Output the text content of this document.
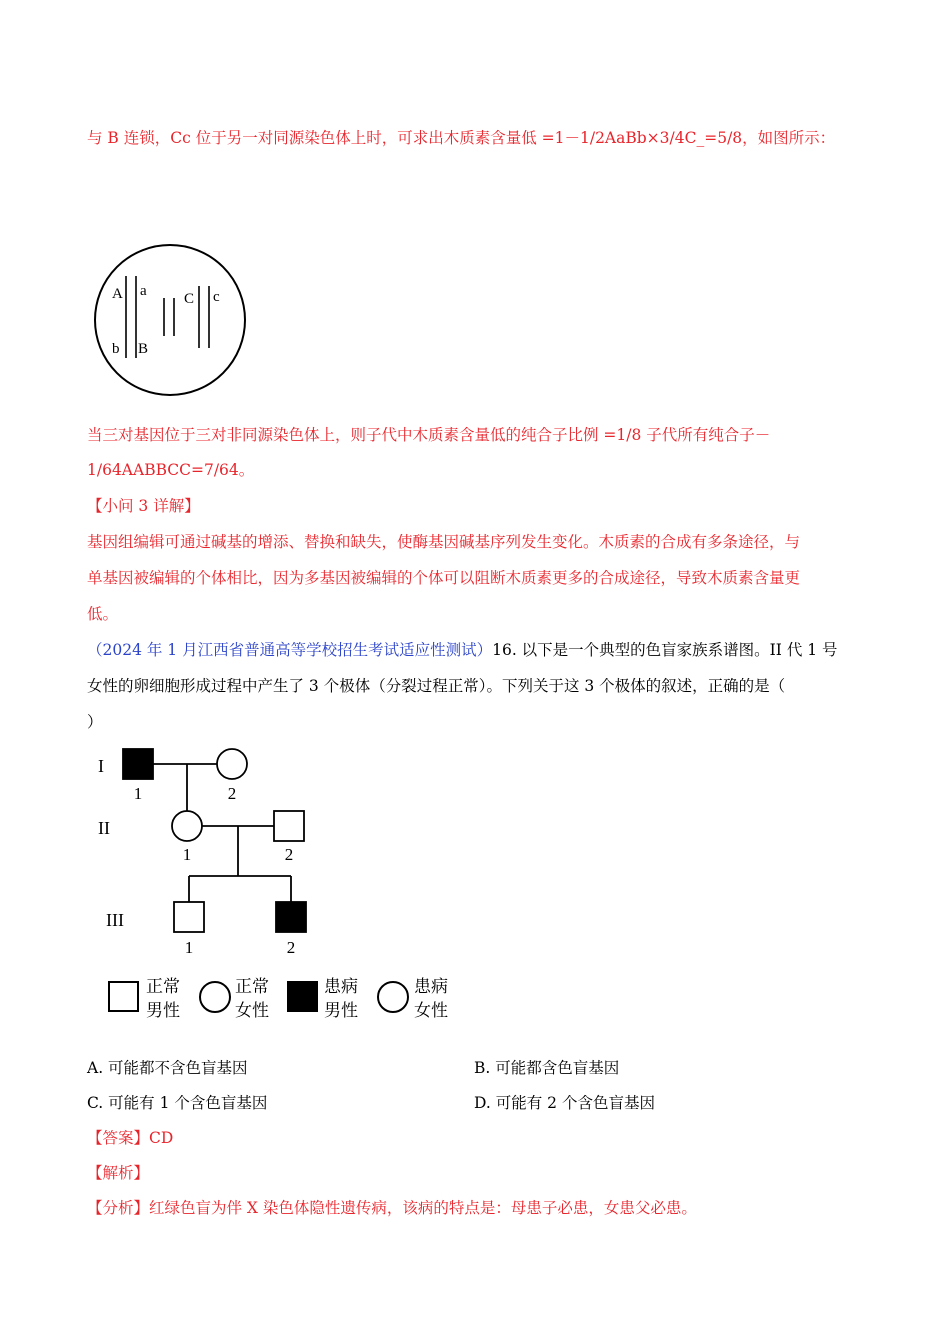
与 B 连锁，Cc 位于另一对同源染色体上时，可求出木质素含量低 =1－1/2AaBb×3/4C_=5/8，如图所示：
A a
b B
C c
当三对基因位于三对非同源染色体上，则子代中木质素含量低的纯合子比例 =1/8 子代所有纯合子－
1/64AABBCC=7/64。
【小问 3 详解】
基因组编辑可通过碱基的增添、替换和缺失，使酶基因碱基序列发生变化。木质素的合成有多条途径，与
单基因被编辑的个体相比，因为多基因被编辑的个体可以阻断木质素更多的合成途径，导致木质素含量更
低。
（2024 年 1 月江西省普通高等学校招生考试适应性测试）16. 以下是一个典型的色盲家族系谱图。II 代 1 号
女性的卵细胞形成过程中产生了 3 个极体（分裂过程正常）。下列关于这 3 个极体的叙述，正确的是（
）
I
II
III
1	2
1	2
1	2
正常
男性
正常
女性
患病
男性
患病
女性
A. 可能都不含色盲基因	B. 可能都含色盲基因
C. 可能有 1 个含色盲基因	D. 可能有 2 个含色盲基因
【答案】CD
【解析】
【分析】红绿色盲为伴 X 染色体隐性遗传病，该病的特点是：母患子必患，女患父必患。
